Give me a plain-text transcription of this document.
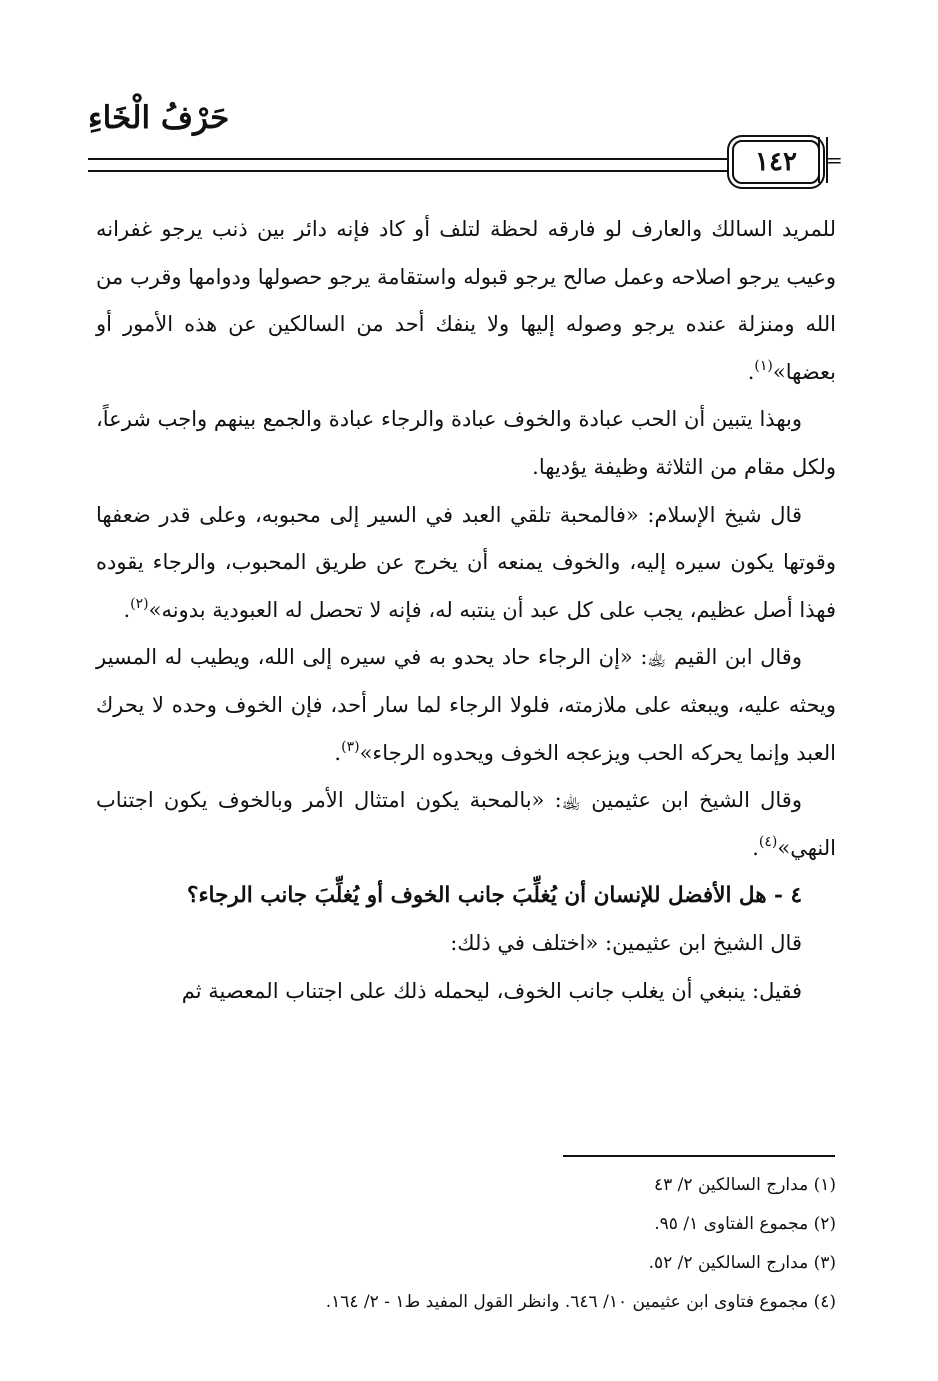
حَرْفُ الْخَاءِ
١٤٢	=

للمريد السالك والعارف لو فارقه لحظة لتلف أو كاد فإنه دائر بين ذنب يرجو غفرانه وعيب يرجو اصلاحه وعمل صالح يرجو قبوله واستقامة يرجو حصولها ودوامها وقرب من الله ومنزلة عنده يرجو وصوله إليها ولا ينفك أحد من السالكين عن هذه الأمور أو بعضها»$^{(١)}$.

وبهذا يتبين أن الحب عبادة والخوف عبادة والرجاء عبادة والجمع بينهم واجب شرعاً، ولكل مقام من الثلاثة وظيفة يؤديها.

قال شيخ الإسلام: «فالمحبة تلقي العبد في السير إلى محبوبه، وعلى قدر ضعفها وقوتها يكون سيره إليه، والخوف يمنعه أن يخرج عن طريق المحبوب، والرجاء يقوده فهذا أصل عظيم، يجب على كل عبد أن ينتبه له، فإنه لا تحصل له العبودية بدونه»$^{(٢)}$.

وقال ابن القيم ﵀: «إن الرجاء حاد يحدو به في سيره إلى الله، ويطيب له المسير ويحثه عليه، ويبعثه على ملازمته، فلولا الرجاء لما سار أحد، فإن الخوف وحده لا يحرك العبد وإنما يحركه الحب ويزعجه الخوف ويحدوه الرجاء»$^{(٣)}$.

وقال الشيخ ابن عثيمين ﵀: «بالمحبة يكون امتثال الأمر وبالخوف يكون اجتناب النهي»$^{(٤)}$.

٤ - هل الأفضل للإنسان أن يُغلِّبَ جانب الخوف أو يُغلِّبَ جانب الرجاء؟

قال الشيخ ابن عثيمين: «اختلف في ذلك:

فقيل: ينبغي أن يغلب جانب الخوف، ليحمله ذلك على اجتناب المعصية ثم

(١) مدارج السالكين ٢/ ٤٣
(٢) مجموع الفتاوى ١/ ٩٥.
(٣) مدارج السالكين ٢/ ٥٢.
(٤) مجموع فتاوى ابن عثيمين ١٠/ ٦٤٦. وانظر القول المفيد ط١ - ٢/ ١٦٤.
